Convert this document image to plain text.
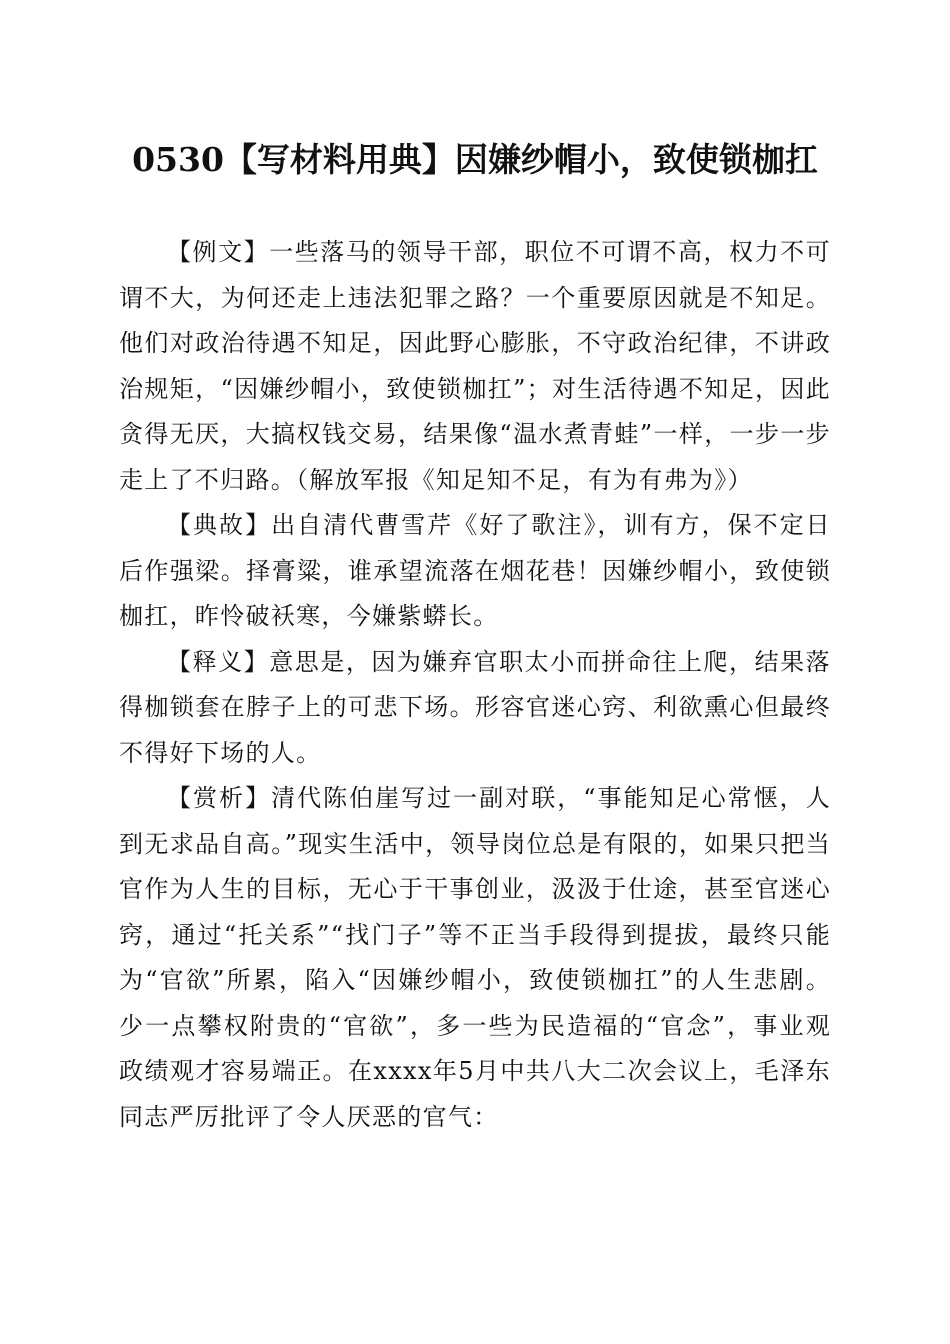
0530【写材料用典】因嫌纱帽小，致使锁枷扛

【例文】一些落马的领导干部，职位不可谓不高，权力不可谓不大，为何还走上违法犯罪之路？一个重要原因就是不知足。他们对政治待遇不知足，因此野心膨胀，不守政治纪律，不讲政治规矩，“因嫌纱帽小，致使锁枷扛”；对生活待遇不知足，因此贪得无厌，大搞权钱交易，结果像“温水煮青蛙”一样，一步一步走上了不归路。（解放军报《知足知不足，有为有弗为》）

【典故】出自清代曹雪芹《好了歌注》，训有方，保不定日后作强梁。择膏粱，谁承望流落在烟花巷！因嫌纱帽小，致使锁枷扛，昨怜破袄寒，今嫌紫蟒长。

【释义】意思是，因为嫌弃官职太小而拼命往上爬，结果落得枷锁套在脖子上的可悲下场。形容官迷心窍、利欲熏心但最终不得好下场的人。

【赏析】清代陈伯崖写过一副对联，“事能知足心常惬，人到无求品自高。”现实生活中，领导岗位总是有限的，如果只把当官作为人生的目标，无心于干事创业，汲汲于仕途，甚至官迷心窍，通过“托关系”“找门子”等不正当手段得到提拔，最终只能为“官欲”所累，陷入“因嫌纱帽小，致使锁枷扛”的人生悲剧。少一点攀权附贵的“官欲”，多一些为民造福的“官念”，事业观政绩观才容易端正。在xxxx年5月中共八大二次会议上，毛泽东同志严厉批评了令人厌恶的官气：
